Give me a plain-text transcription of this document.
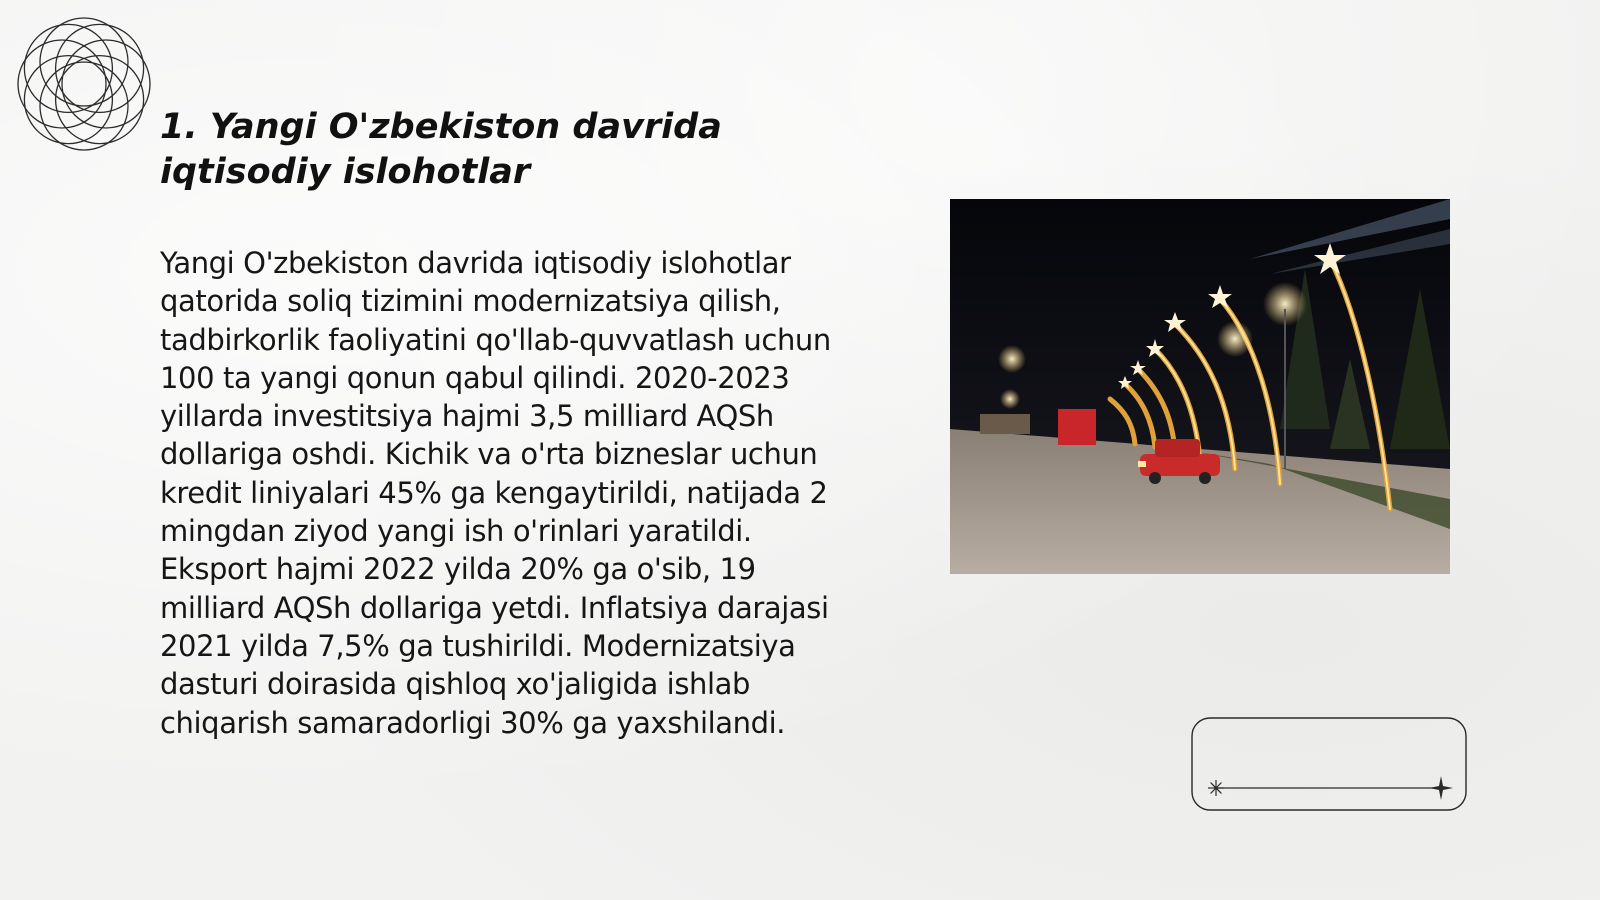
1. Yangi O'zbekiston davrida iqtisodiy islohotlar

Yangi O'zbekiston davrida iqtisodiy islohotlar qatorida soliq tizimini modernizatsiya qilish, tadbirkorlik faoliyatini qo'llab-quvvatlash uchun 100 ta yangi qonun qabul qilindi. 2020-2023 yillarda investitsiya hajmi 3,5 milliard AQSh dollariga oshdi. Kichik va o'rta bizneslar uchun kredit liniyalari 45% ga kengaytirildi, natijada 2 mingdan ziyod yangi ish o'rinlari yaratildi. Eksport hajmi 2022 yilda 20% ga o'sib, 19 milliard AQSh dollariga yetdi. Inflatsiya darajasi 2021 yilda 7,5% ga tushirildi. Modernizatsiya dasturi doirasida qishloq xo'jaligida ishlab chiqarish samaradorligi 30% ga yaxshilandi.
